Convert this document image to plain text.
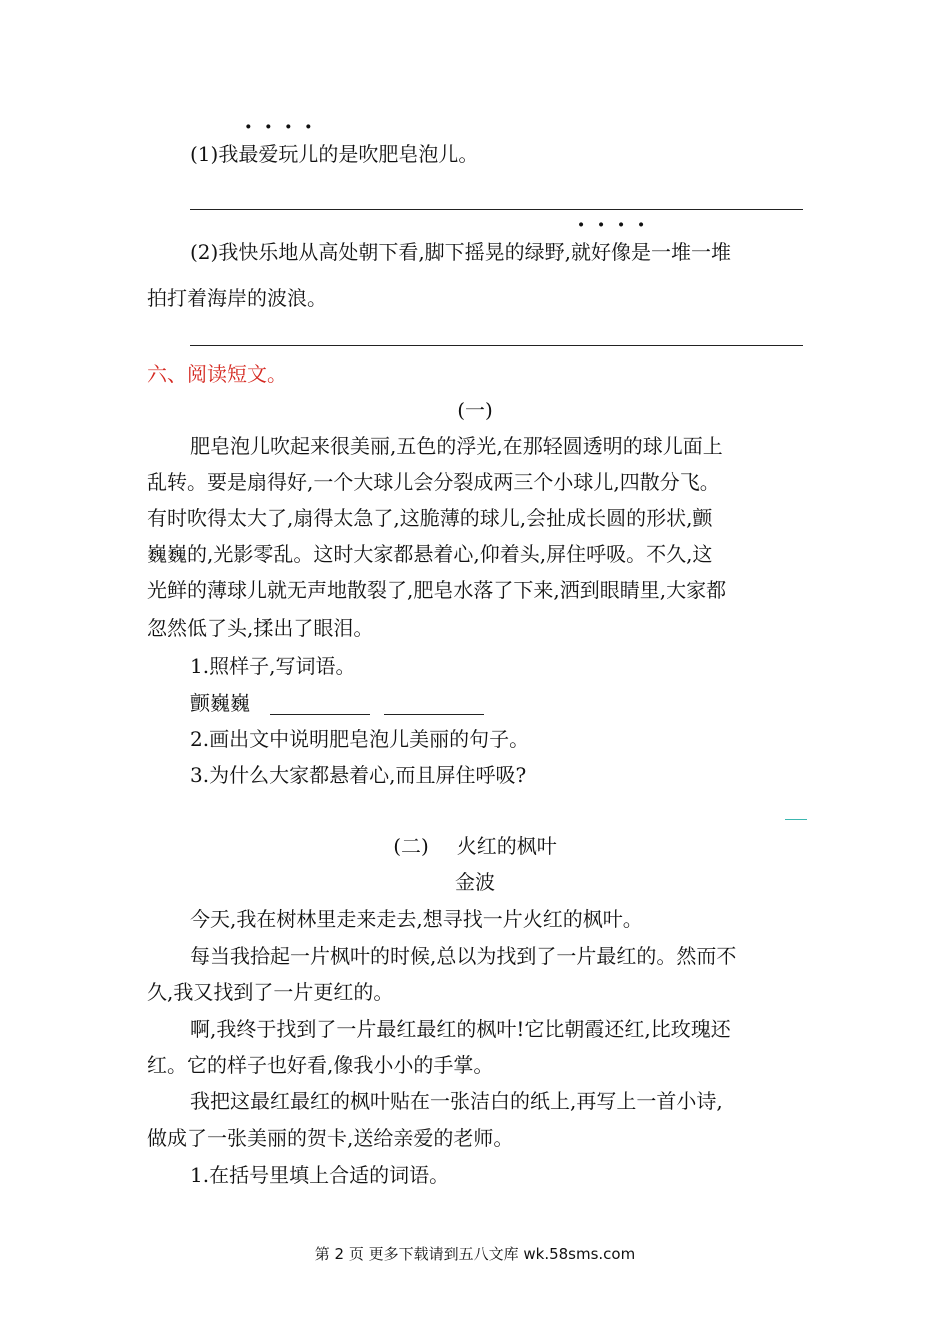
(1)我最爱玩儿的是吹肥皂泡儿。
(2)我快乐地从高处朝下看,脚下摇晃的绿野,就好像是一堆一堆
拍打着海岸的波浪。
六、阅读短文。
(一)
肥皂泡儿吹起来很美丽,五色的浮光,在那轻圆透明的球儿面上
乱转。要是扇得好,一个大球儿会分裂成两三个小球儿,四散分飞。
有时吹得太大了,扇得太急了,这脆薄的球儿,会扯成长圆的形状,颤
巍巍的,光影零乱。这时大家都悬着心,仰着头,屏住呼吸。不久,这
光鲜的薄球儿就无声地散裂了,肥皂水落了下来,洒到眼睛里,大家都
忽然低了头,揉出了眼泪。
1.照样子,写词语。
颤巍巍
2.画出文中说明肥皂泡儿美丽的句子。
3.为什么大家都悬着心,而且屏住呼吸?
(二) 火红的枫叶
金波
今天,我在树林里走来走去,想寻找一片火红的枫叶。
每当我拾起一片枫叶的时候,总以为找到了一片最红的。然而不
久,我又找到了一片更红的。
啊,我终于找到了一片最红最红的枫叶!它比朝霞还红,比玫瑰还
红。它的样子也好看,像我小小的手掌。
我把这最红最红的枫叶贴在一张洁白的纸上,再写上一首小诗,
做成了一张美丽的贺卡,送给亲爱的老师。
1.在括号里填上合适的词语。
第 2 页 更多下载请到五八文库 wk.58sms.com
